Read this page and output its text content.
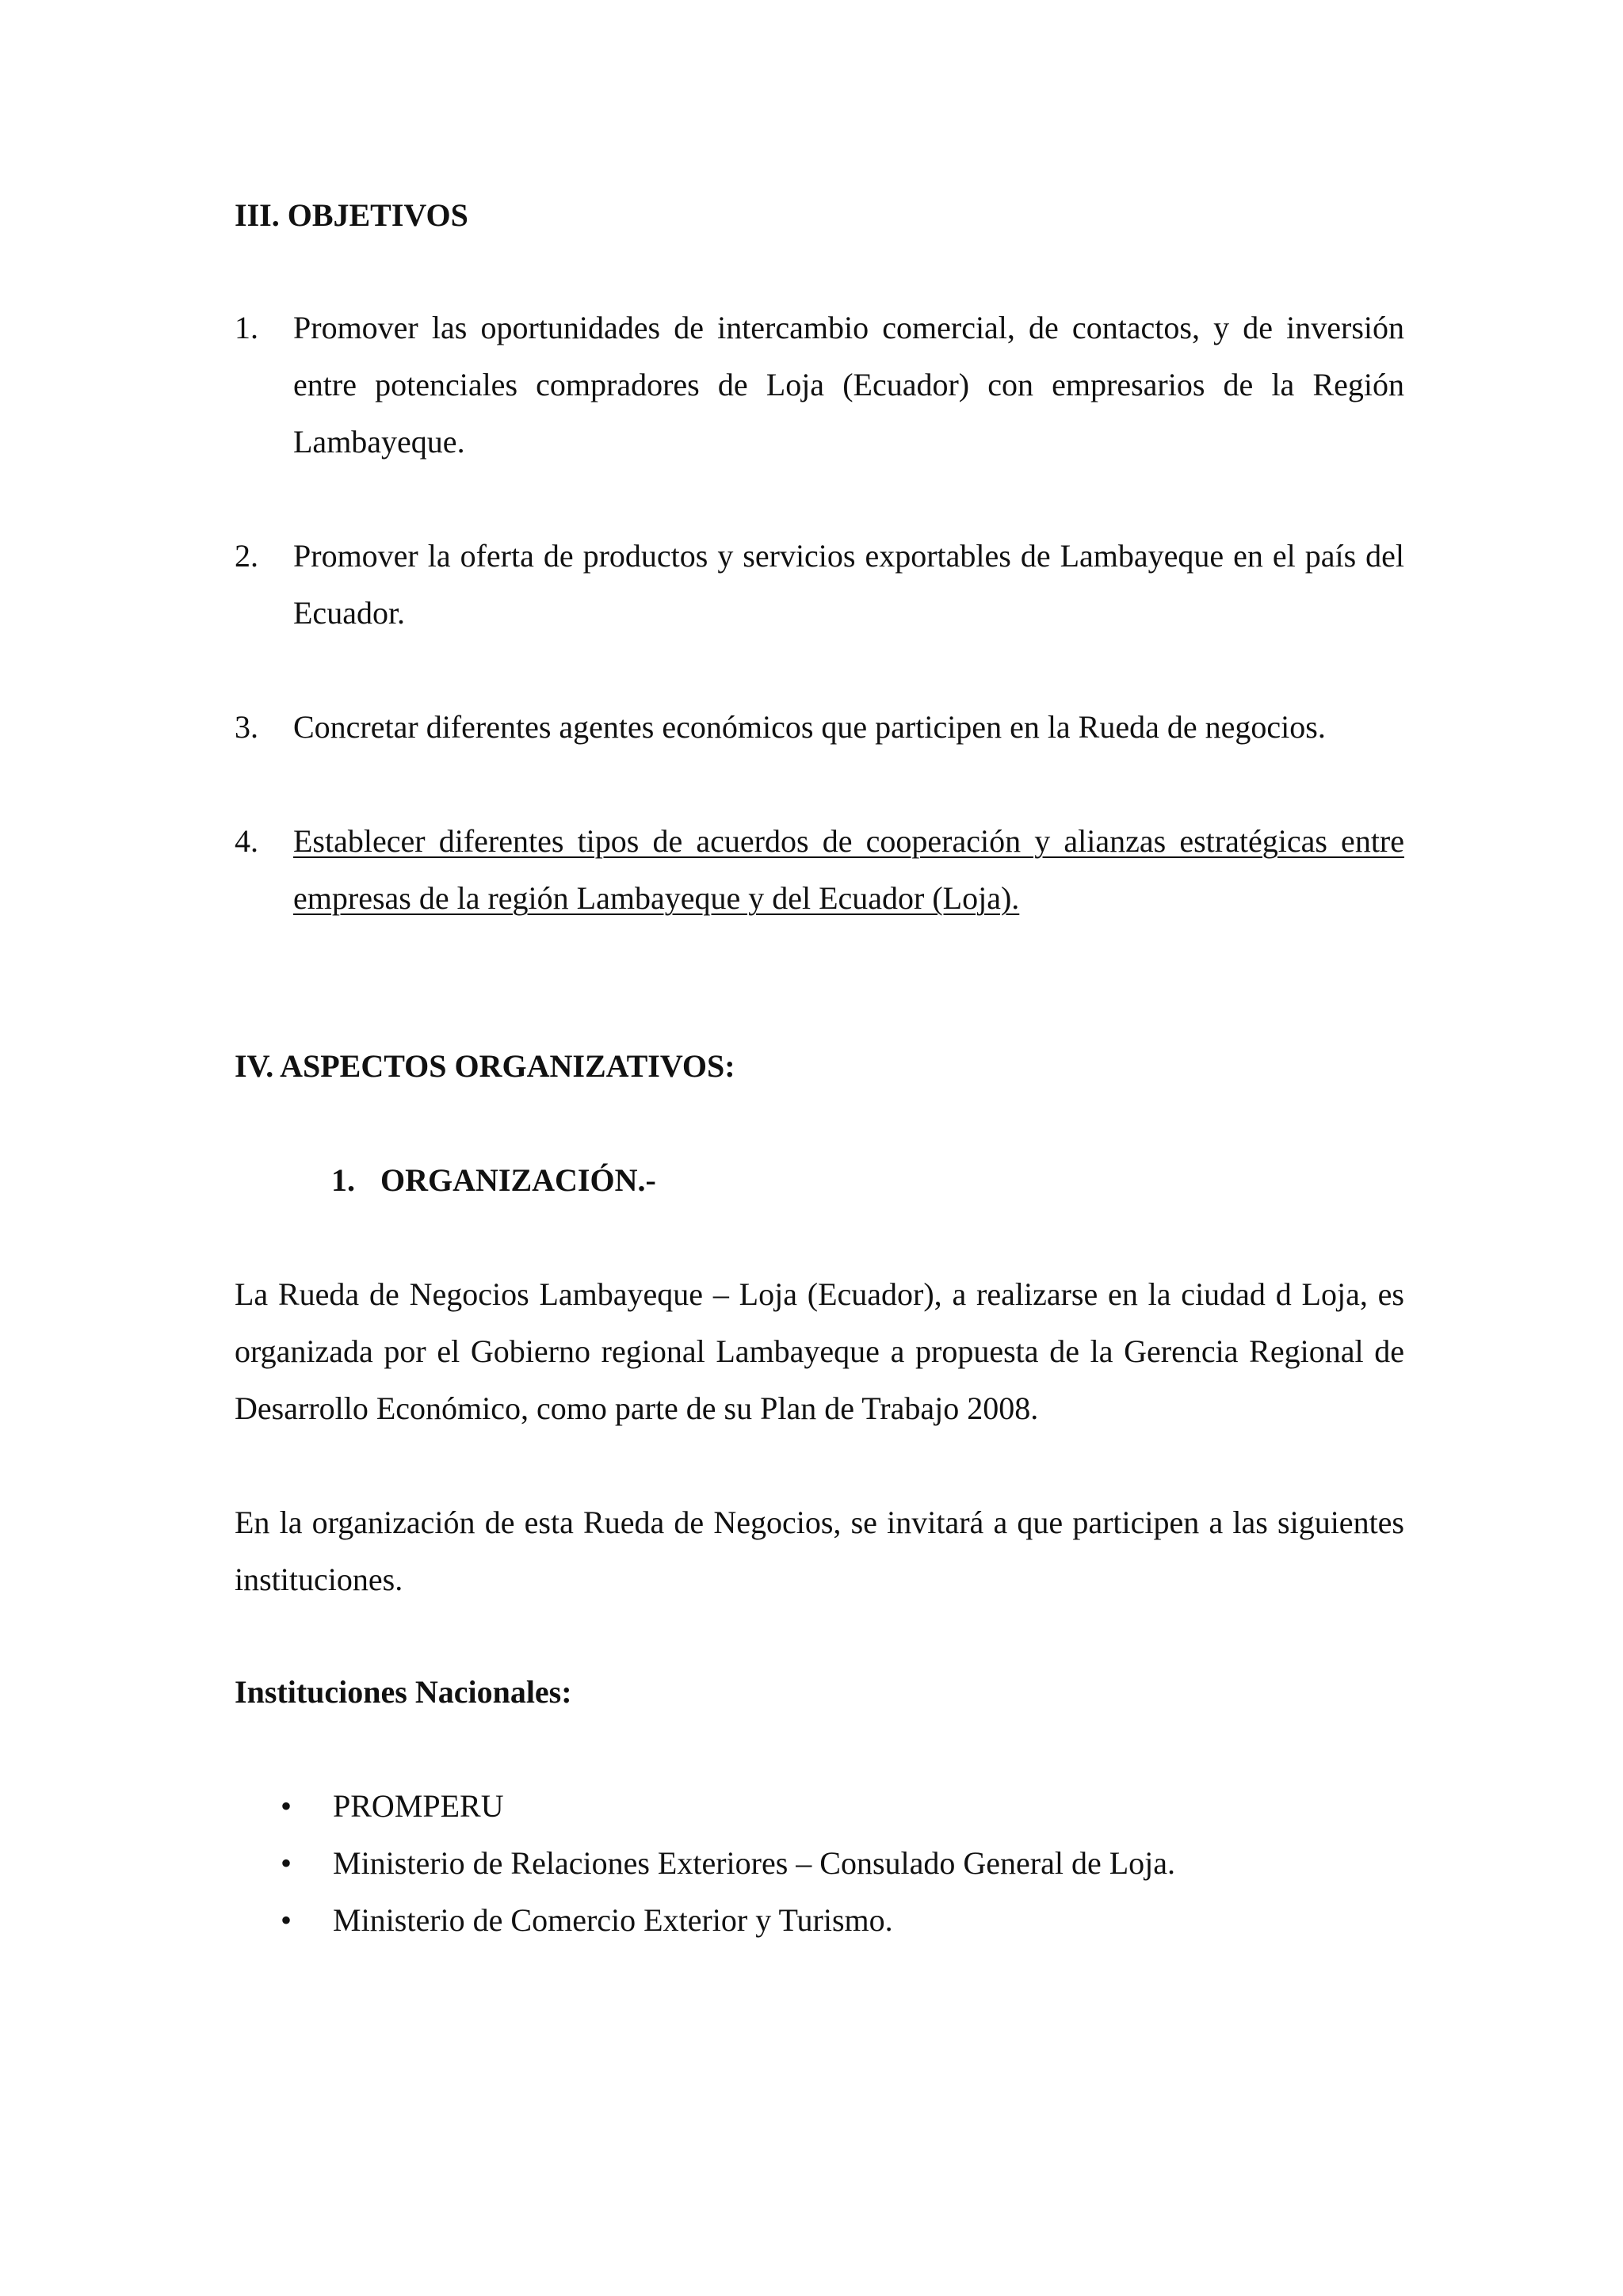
III. OBJETIVOS
1.	Promover las oportunidades de intercambio comercial, de contactos, y de inversión entre potenciales compradores de Loja (Ecuador) con empresarios de la Región Lambayeque.
2.	Promover la oferta de productos y servicios exportables de Lambayeque en el país del Ecuador.
3.	Concretar diferentes agentes económicos que participen en la Rueda de negocios.
4.	Establecer diferentes tipos de acuerdos de cooperación y alianzas estratégicas entre empresas de la región Lambayeque y del Ecuador (Loja).
IV. ASPECTOS ORGANIZATIVOS:
1. ORGANIZACIÓN.-
La Rueda de Negocios Lambayeque – Loja (Ecuador), a realizarse en la ciudad d Loja, es organizada por el Gobierno regional Lambayeque a propuesta de la Gerencia Regional de Desarrollo Económico, como parte de su Plan de Trabajo 2008.
En la organización de esta Rueda de Negocios, se invitará a que participen a las siguientes instituciones.
Instituciones Nacionales:
• PROMPERU
• Ministerio de Relaciones Exteriores – Consulado General de Loja.
• Ministerio de Comercio Exterior y Turismo.
